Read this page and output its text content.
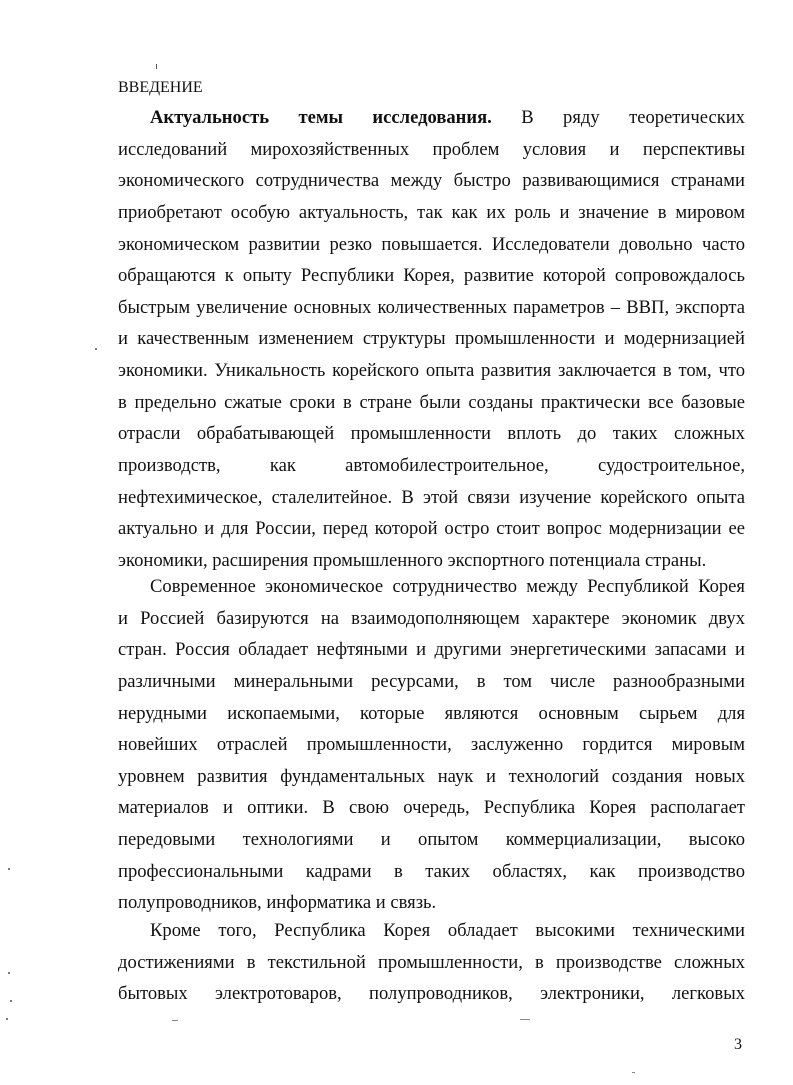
ВВЕДЕНИЕ
Актуальность темы исследования. В ряду теоретических
исследований мирохозяйственных проблем условия и перспективы
экономического сотрудничества между быстро развивающимися странами
приобретают особую актуальность, так как их роль и значение в мировом
экономическом развитии резко повышается. Исследователи довольно часто
обращаются к опыту Республики Корея, развитие которой сопровождалось
быстрым увеличение основных количественных параметров – ВВП, экспорта
и качественным изменением структуры промышленности и модернизацией
экономики. Уникальность корейского опыта развития заключается в том, что
в предельно сжатые сроки в стране были созданы практически все базовые
отрасли обрабатывающей промышленности вплоть до таких сложных
производств, как автомобилестроительное, судостроительное,
нефтехимическое, сталелитейное. В этой связи изучение корейского опыта
актуально и для России, перед которой остро стоит вопрос модернизации ее
экономики, расширения промышленного экспортного потенциала страны.
Современное экономическое сотрудничество между Республикой Корея
и Россией базируются на взаимодополняющем характере экономик двух
стран. Россия обладает нефтяными и другими энергетическими запасами и
различными минеральными ресурсами, в том числе разнообразными
нерудными ископаемыми, которые являются основным сырьем для
новейших отраслей промышленности, заслуженно гордится мировым
уровнем развития фундаментальных наук и технологий создания новых
материалов и оптики. В свою очередь, Республика Корея располагает
передовыми технологиями и опытом коммерциализации, высоко
профессиональными кадрами в таких областях, как производство
полупроводников, информатика и связь.
Кроме того, Республика Корея обладает высокими техническими
достижениями в текстильной промышленности, в производстве сложных
бытовых электротоваров, полупроводников, электроники, легковых
3
